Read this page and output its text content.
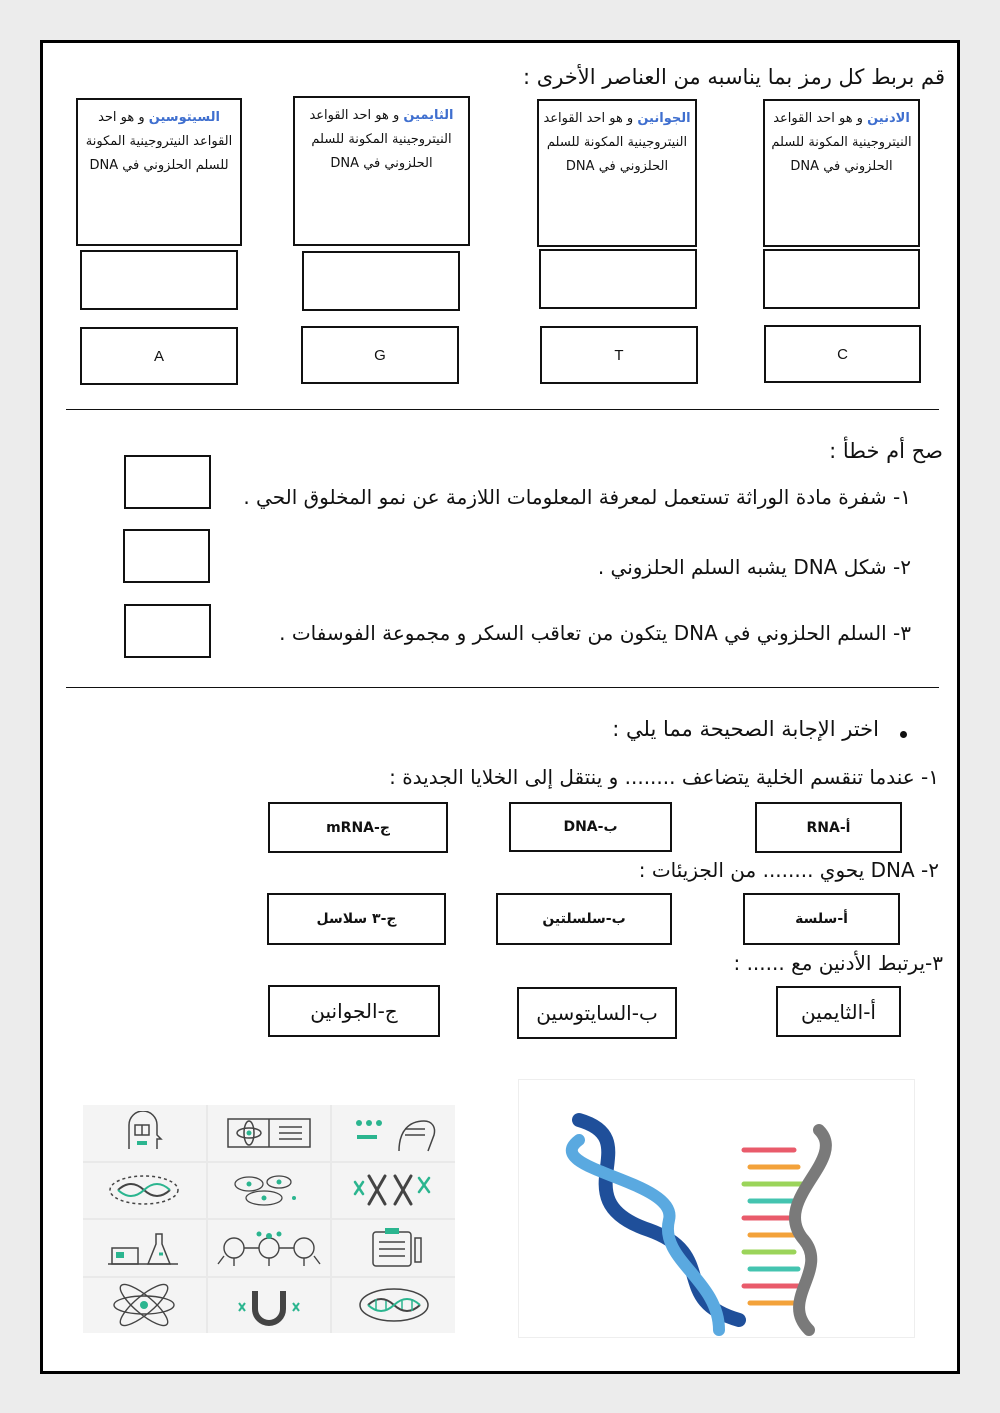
قم بربط كل رمز بما يناسبه من العناصر الأخرى :
الادنين و هو احد القواعد النيتروجينية المكونة للسلم الحلزوني في DNA
الجوانين و هو احد القواعد النيتروجينية المكونة للسلم الحلزوني في DNA
الثايمين و هو احد القواعد النيتروجينية المكونة للسلم الحلزوني في DNA
السيتوسين و هو احد القواعد النيتروجينية المكونة للسلم الحلزوني في DNA
C
T
G
A
صح أم خطأ :
١- شفرة مادة الوراثة تستعمل لمعرفة المعلومات اللازمة عن نمو المخلوق الحي .
٢- شكل DNA يشبه السلم الحلزوني .
٣- السلم الحلزوني في DNA يتكون من تعاقب السكر و مجموعة الفوسفات .
اختر الإجابة الصحيحة مما يلي :
١- عندما تنقسم الخلية يتضاعف ........ و ينتقل إلى الخلايا الجديدة :
أ-RNA
ب-DNA
ج-mRNA
٢- DNA يحوي ........ من الجزيئات :
أ-سلسة
ب-سلسلتين
ج-٣ سلاسل
٣-يرتبط الأدنين مع ...... :
أ-الثايمين
ب-السايتوسين
ج-الجوانين
